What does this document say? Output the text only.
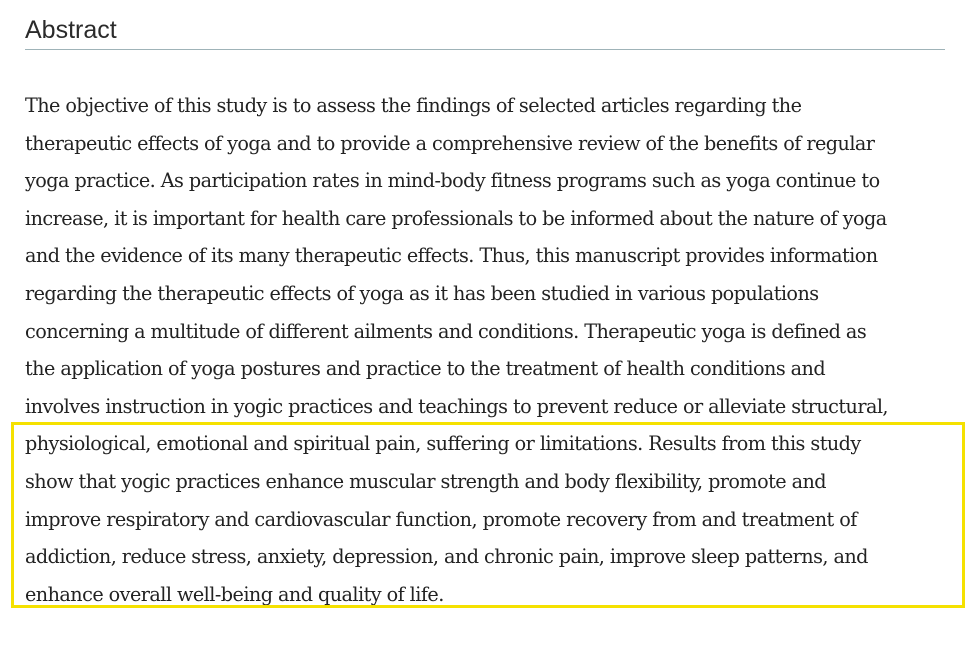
Abstract

The objective of this study is to assess the findings of selected articles regarding the
therapeutic effects of yoga and to provide a comprehensive review of the benefits of regular
yoga practice. As participation rates in mind-body fitness programs such as yoga continue to
increase, it is important for health care professionals to be informed about the nature of yoga
and the evidence of its many therapeutic effects. Thus, this manuscript provides information
regarding the therapeutic effects of yoga as it has been studied in various populations
concerning a multitude of different ailments and conditions. Therapeutic yoga is defined as
the application of yoga postures and practice to the treatment of health conditions and
involves instruction in yogic practices and teachings to prevent reduce or alleviate structural,
physiological, emotional and spiritual pain, suffering or limitations. Results from this study
show that yogic practices enhance muscular strength and body flexibility, promote and
improve respiratory and cardiovascular function, promote recovery from and treatment of
addiction, reduce stress, anxiety, depression, and chronic pain, improve sleep patterns, and
enhance overall well-being and quality of life.
